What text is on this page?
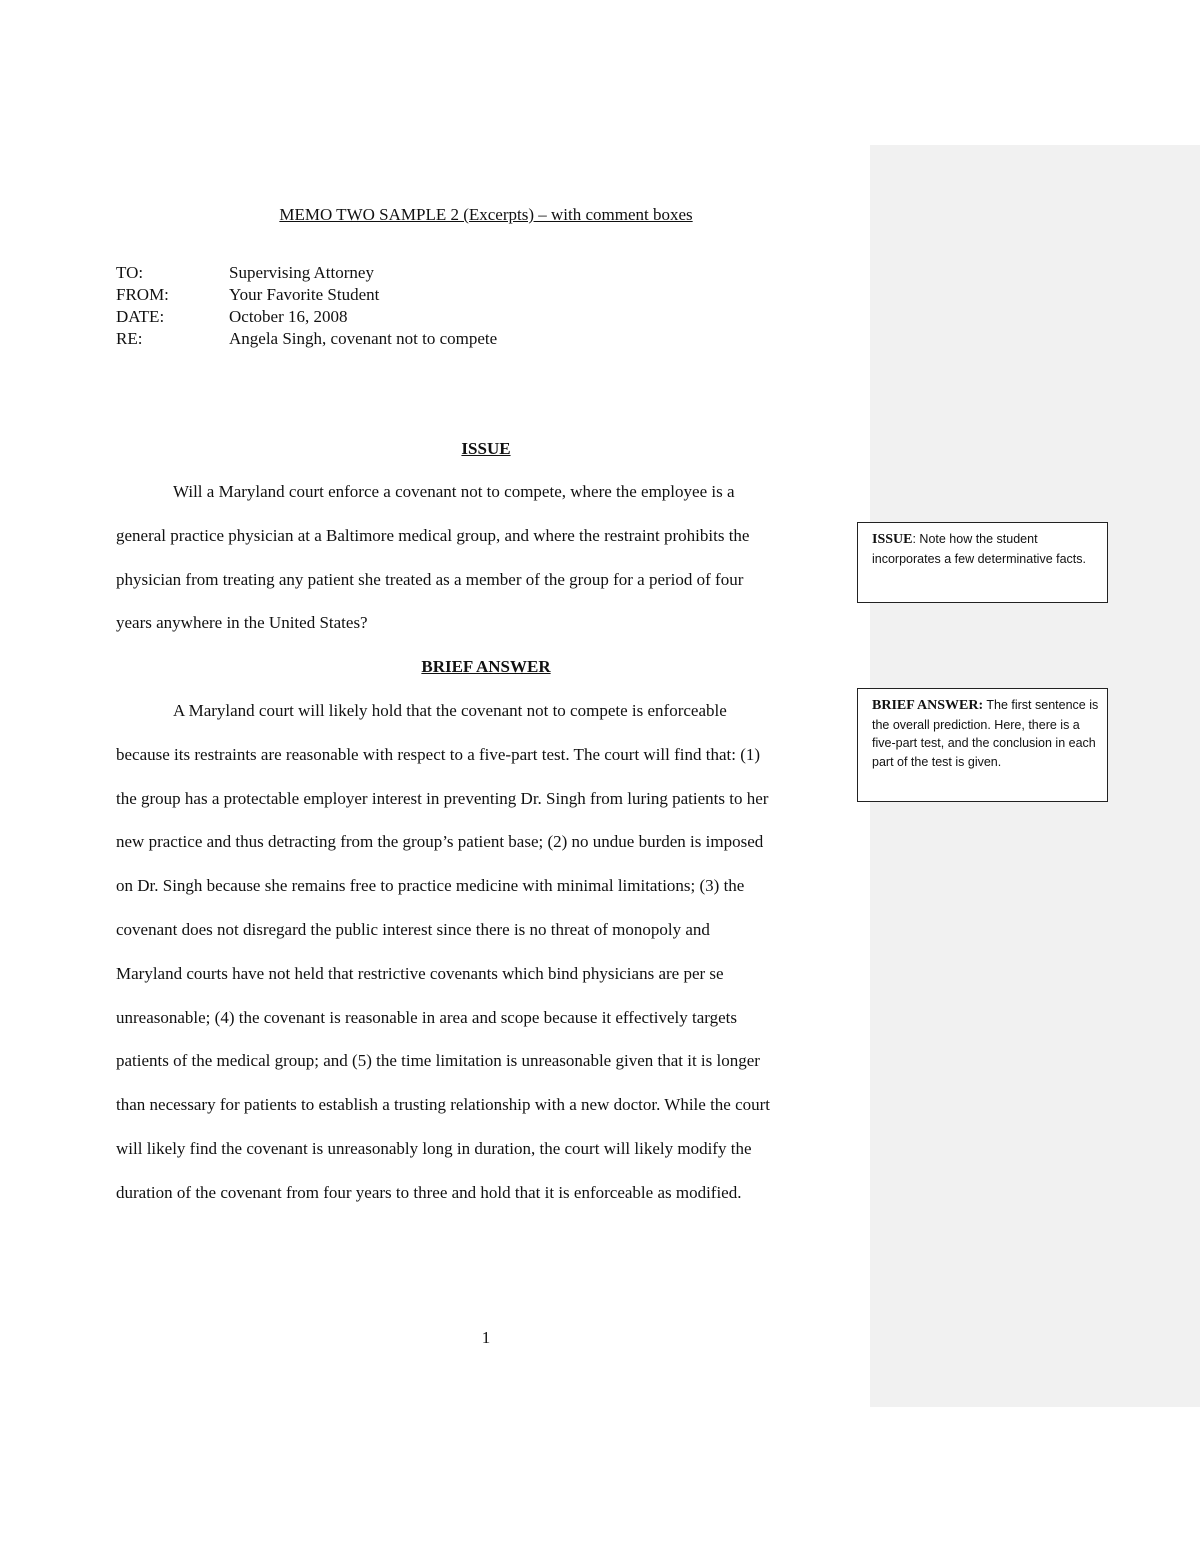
MEMO TWO SAMPLE 2 (Excerpts) – with comment boxes
TO:	Supervising Attorney
FROM:	Your Favorite Student
DATE:	October 16, 2008
RE:	Angela Singh, covenant not to compete
ISSUE
Will a Maryland court enforce a covenant not to compete, where the employee is a
general practice physician at a Baltimore medical group, and where the restraint prohibits the
physician from treating any patient she treated as a member of the group for a period of four
years anywhere in the United States?
BRIEF ANSWER
A Maryland court will likely hold that the covenant not to compete is enforceable
because its restraints are reasonable with respect to a five-part test. The court will find that: (1)
the group has a protectable employer interest in preventing Dr. Singh from luring patients to her
new practice and thus detracting from the group’s patient base; (2) no undue burden is imposed
on Dr. Singh because she remains free to practice medicine with minimal limitations; (3) the
covenant does not disregard the public interest since there is no threat of monopoly and
Maryland courts have not held that restrictive covenants which bind physicians are per se
unreasonable; (4) the covenant is reasonable in area and scope because it effectively targets
patients of the medical group; and (5) the time limitation is unreasonable given that it is longer
than necessary for patients to establish a trusting relationship with a new doctor. While the court
will likely find the covenant is unreasonably long in duration, the court will likely modify the
duration of the covenant from four years to three and hold that it is enforceable as modified.
ISSUE: Note how the student incorporates a few determinative facts.
BRIEF ANSWER: The first sentence is the overall prediction. Here, there is a five-part test, and the conclusion in each part of the test is given.
1
